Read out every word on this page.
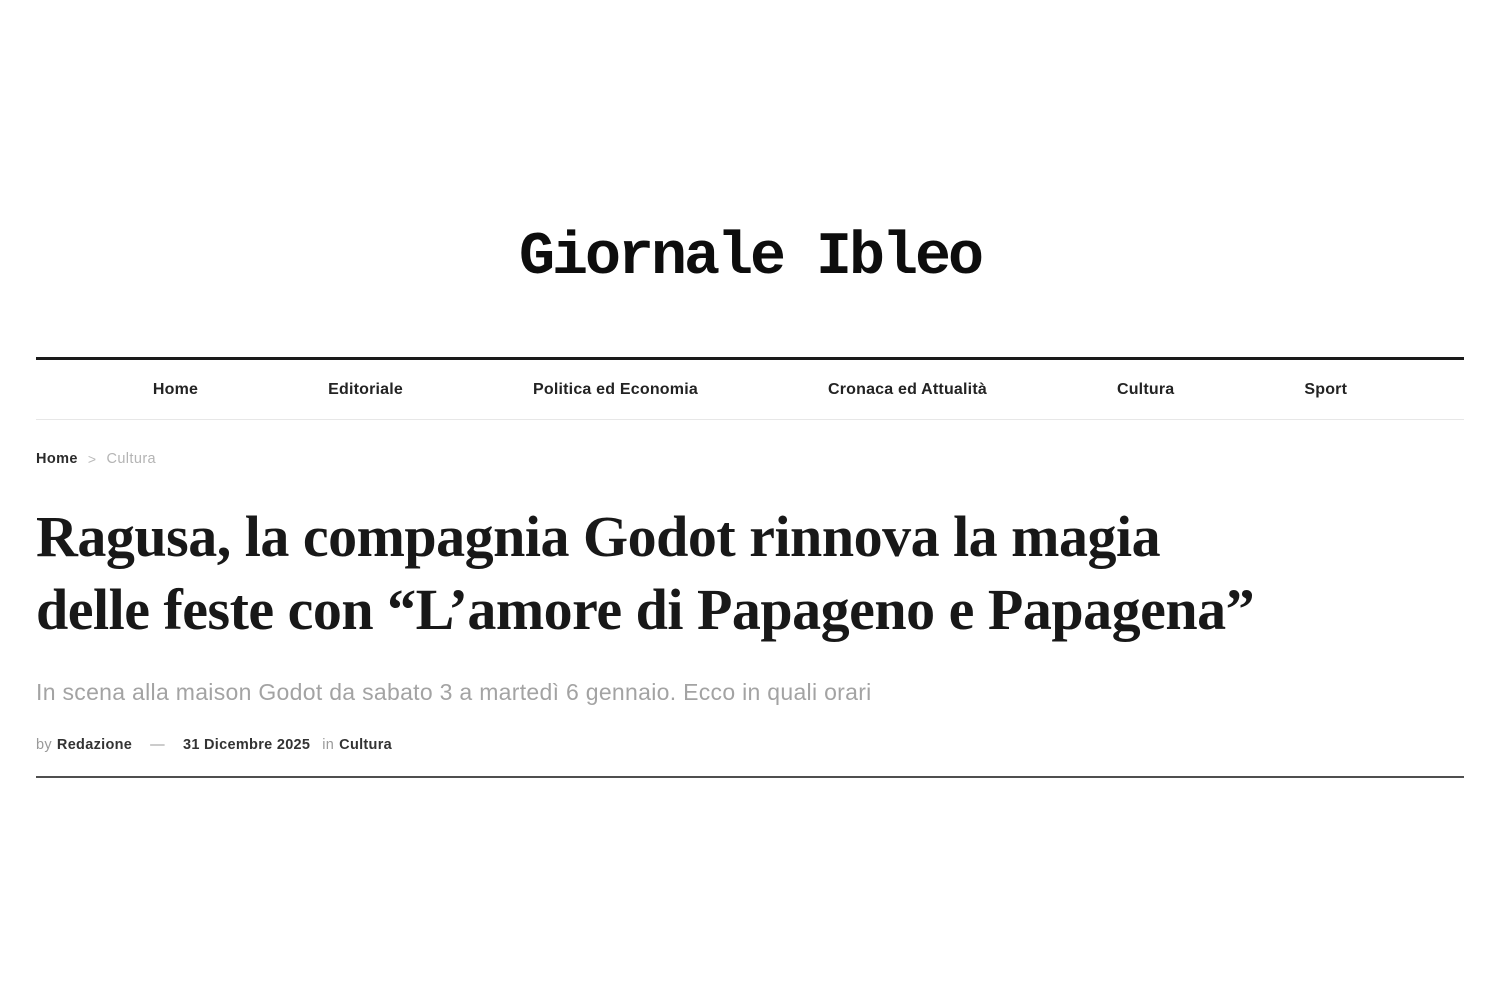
Giornale Ibleo
Home	Editoriale	Politica ed Economia	Cronaca ed Attualità	Cultura	Sport
Home > Cultura
Ragusa, la compagnia Godot rinnova la magia
delle feste con “L’amore di Papageno e Papagena”

In scena alla maison Godot da sabato 3 a martedì 6 gennaio. Ecco in quali orari

by Redazione — 31 Dicembre 2025 in Cultura
